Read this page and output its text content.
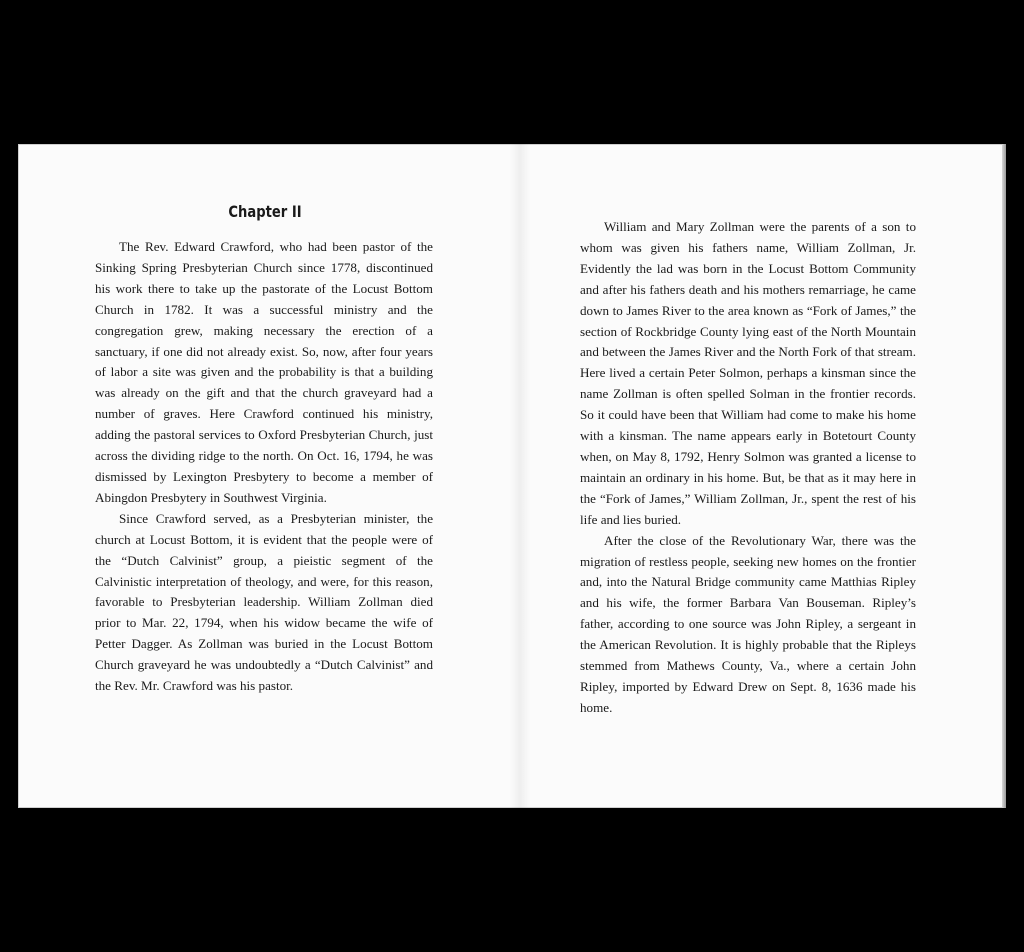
Chapter II

The Rev. Edward Crawford, who had been pastor of the Sinking Spring Presbyterian Church since 1778, discontinued his work there to take up the pastorate of the Locust Bottom Church in 1782. It was a successful ministry and the congregation grew, making necessary the erection of a sanctuary, if one did not already exist. So, now, after four years of labor a site was given and the probability is that a building was already on the gift and that the church graveyard had a number of graves. Here Crawford continued his ministry, adding the pastoral services to Oxford Presbyterian Church, just across the dividing ridge to the north. On Oct. 16, 1794, he was dismissed by Lexington Presbytery to become a member of Abingdon Presbytery in Southwest Virginia.

Since Crawford served, as a Presbyterian minister, the church at Locust Bottom, it is evident that the people were of the “Dutch Calvinist” group, a pieistic segment of the Calvinistic interpretation of theology, and were, for this reason, favorable to Presbyterian leadership. William Zollman died prior to Mar. 22, 1794, when his widow became the wife of Petter Dagger. As Zollman was buried in the Locust Bottom Church graveyard he was undoubtedly a “Dutch Calvinist” and the Rev. Mr. Crawford was his pastor.

William and Mary Zollman were the parents of a son to whom was given his fathers name, William Zollman, Jr. Evidently the lad was born in the Locust Bottom Community and after his fathers death and his mothers remarriage, he came down to James River to the area known as “Fork of James,” the section of Rockbridge County lying east of the North Mountain and between the James River and the North Fork of that stream. Here lived a certain Peter Solmon, perhaps a kinsman since the name Zollman is often spelled Solman in the frontier records. So it could have been that William had come to make his home with a kinsman. The name appears early in Botetourt County when, on May 8, 1792, Henry Solmon was granted a license to maintain an ordinary in his home. But, be that as it may here in the “Fork of James,” William Zollman, Jr., spent the rest of his life and lies buried.

After the close of the Revolutionary War, there was the migration of restless people, seeking new homes on the frontier and, into the Natural Bridge community came Matthias Ripley and his wife, the former Barbara Van Bouseman. Ripley’s father, according to one source was John Ripley, a sergeant in the American Revolution. It is highly probable that the Ripleys stemmed from Mathews County, Va., where a certain John Ripley, imported by Edward Drew on Sept. 8, 1636 made his home.
